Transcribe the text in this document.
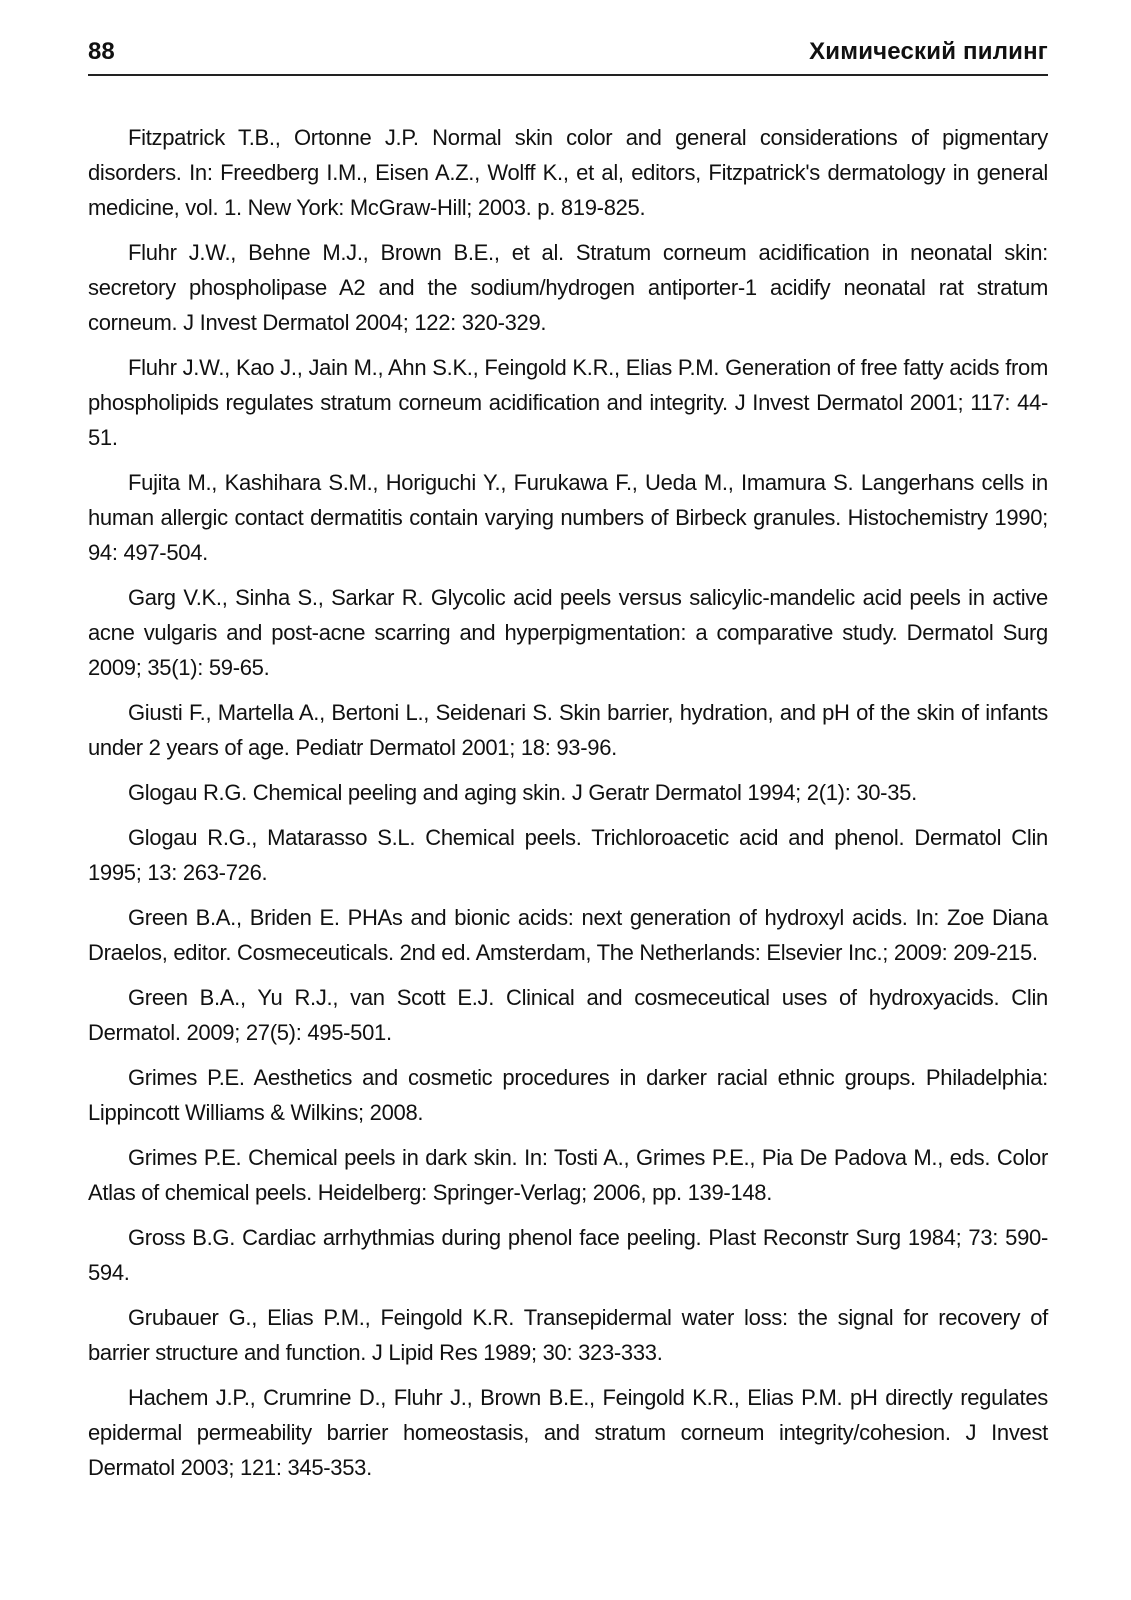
88	Химический пилинг

Fitzpatrick T.B., Ortonne J.P. Normal skin color and general considerations of pigmentary disorders. In: Freedberg I.M., Eisen A.Z., Wolff K., et al, editors, Fitzpatrick's dermatology in general medicine, vol. 1. New York: McGraw-Hill; 2003. p. 819-825.

Fluhr J.W., Behne M.J., Brown B.E., et al. Stratum corneum acidification in neonatal skin: secretory phospholipase A2 and the sodium/hydrogen antiporter-1 acidify neonatal rat stratum corneum. J Invest Dermatol 2004; 122: 320-329.

Fluhr J.W., Kao J., Jain M., Ahn S.K., Feingold K.R., Elias P.M. Generation of free fatty acids from phospholipids regulates stratum corneum acidification and integrity. J Invest Dermatol 2001; 117: 44-51.

Fujita M., Kashihara S.M., Horiguchi Y., Furukawa F., Ueda M., Imamura S. Langerhans cells in human allergic contact dermatitis contain varying numbers of Birbeck granules. Histochemistry 1990; 94: 497-504.

Garg V.K., Sinha S., Sarkar R. Glycolic acid peels versus salicylic-mandelic acid peels in active acne vulgaris and post-acne scarring and hyperpigmentation: a comparative study. Dermatol Surg 2009; 35(1): 59-65.

Giusti F., Martella A., Bertoni L., Seidenari S. Skin barrier, hydration, and pH of the skin of infants under 2 years of age. Pediatr Dermatol 2001; 18: 93-96.

Glogau R.G. Chemical peeling and aging skin. J Geratr Dermatol 1994; 2(1): 30-35.

Glogau R.G., Matarasso S.L. Chemical peels. Trichloroacetic acid and phenol. Dermatol Clin 1995; 13: 263-726.

Green B.A., Briden E. PHAs and bionic acids: next generation of hydroxyl acids. In: Zoe Diana Draelos, editor. Cosmeceuticals. 2nd ed. Amsterdam, The Netherlands: Elsevier Inc.; 2009: 209-215.

Green B.A., Yu R.J., van Scott E.J. Clinical and cosmeceutical uses of hydroxyacids. Clin Dermatol. 2009; 27(5): 495-501.

Grimes P.E. Aesthetics and cosmetic procedures in darker racial ethnic groups. Philadelphia: Lippincott Williams & Wilkins; 2008.

Grimes P.E. Chemical peels in dark skin. In: Tosti A., Grimes P.E., Pia De Padova M., eds. Color Atlas of chemical peels. Heidelberg: Springer-Verlag; 2006, pp. 139-148.

Gross B.G. Cardiac arrhythmias during phenol face peeling. Plast Reconstr Surg 1984; 73: 590-594.

Grubauer G., Elias P.M., Feingold K.R. Transepidermal water loss: the signal for recovery of barrier structure and function. J Lipid Res 1989; 30: 323-333.

Hachem J.P., Crumrine D., Fluhr J., Brown B.E., Feingold K.R., Elias P.M. pH directly regulates epidermal permeability barrier homeostasis, and stratum corneum integrity/cohesion. J Invest Dermatol 2003; 121: 345-353.
